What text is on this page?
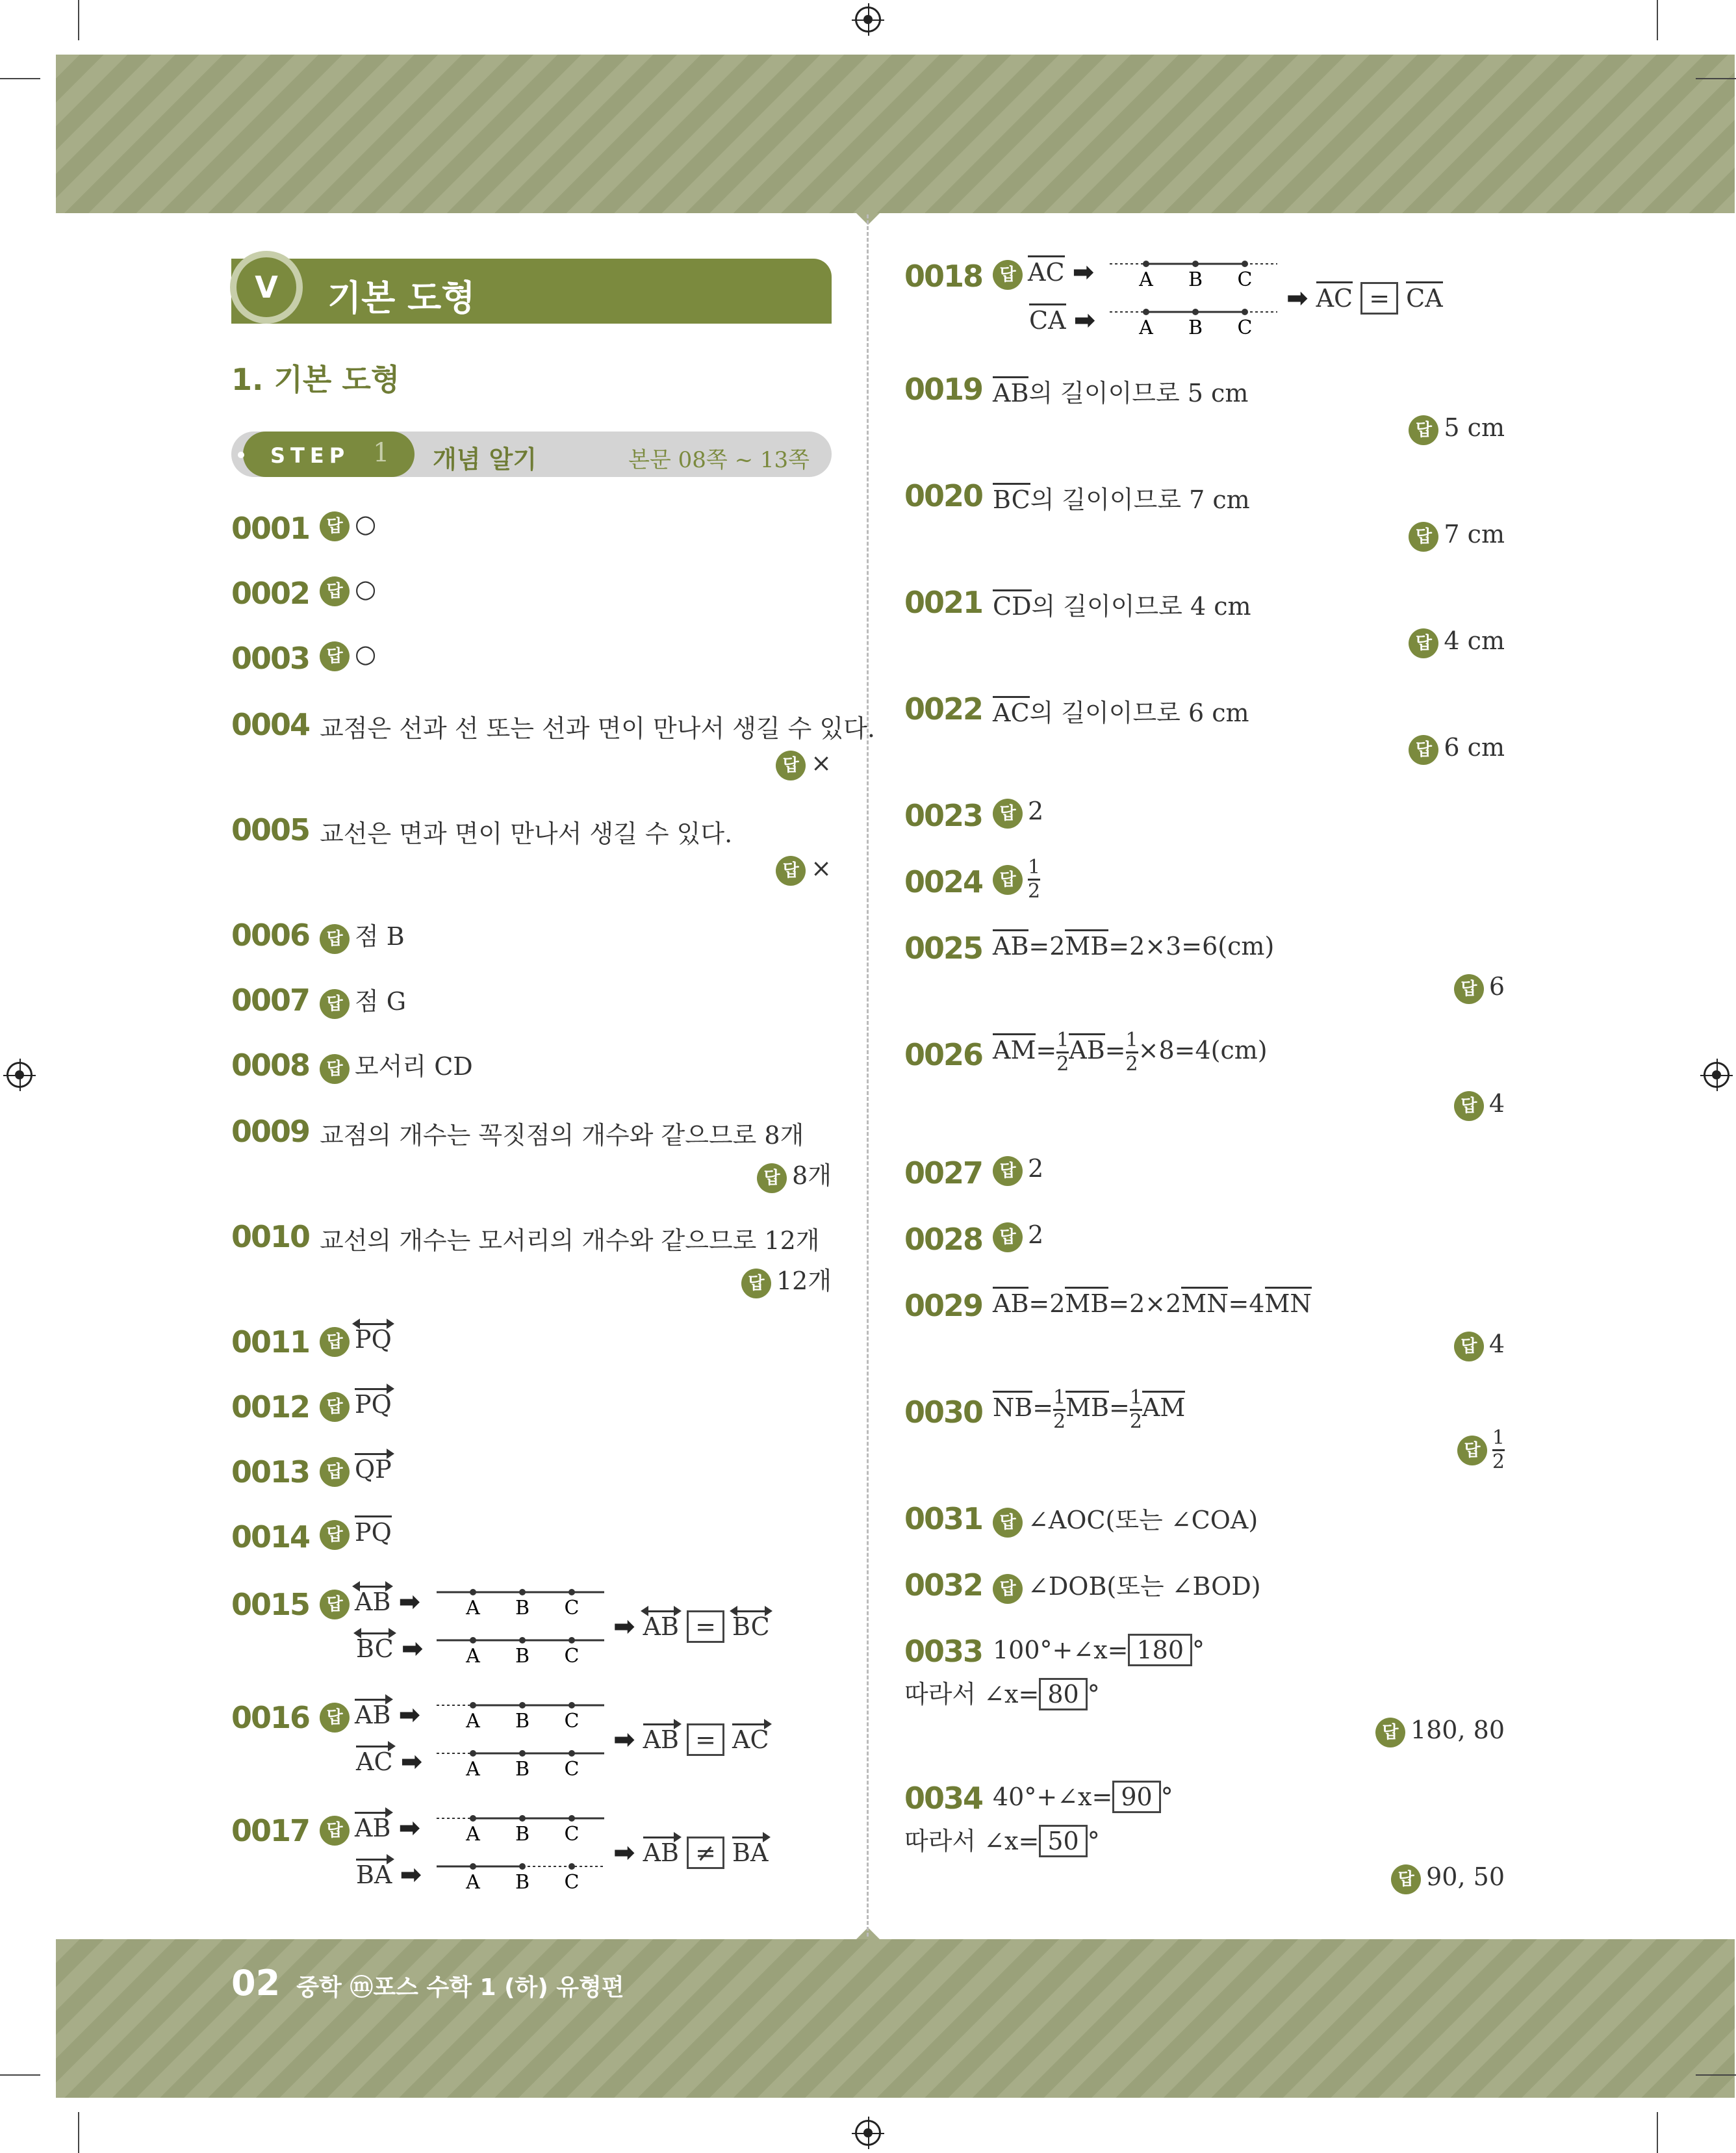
V	기본 도형
1. 기본 도형
STEP 1 개념 알기	본문 08쪽 ~ 13쪽
0001	답 ○
0002	답 ○
0003	답 ○
0004 교점은 선과 선 또는 선과 면이 만나서 생길 수 있다.
답 ×
0005 교선은 면과 면이 만나서 생길 수 있다.
답 ×
0006	답 점 B
0007	답 점 G
0008	답 모서리 CD
0009 교점의 개수는 꼭짓점의 개수와 같으므로 8개
답 8개
0010 교선의 개수는 모서리의 개수와 같으므로 12개
답 12개
0011	답 PQ
0012	답 PQ
0013	답 QP
0014	답 PQ
0015	답 AB ➡
BC ➡
A B C
A B C
➡ AB = BC
0016	답 AB ➡
AC ➡
A B C
A B C
➡ AB = AC
0017	답 AB ➡
BA ➡
A B C
A B C
➡ AB ≠ BA
0018	답 AC ➡
CA ➡
A B C
A B C
➡ AC = CA
0019 AB의 길이이므로 5 cm
답 5 cm
0020 BC의 길이이므로 7 cm
답 7 cm
0021 CD의 길이이므로 4 cm
답 4 cm
0022 AC의 길이이므로 6 cm
답 6 cm
0023	답 2
0024	답 $\frac{1}{2}$
0025 AB=2MB=2×3=6(cm)
답 6
0026 $AM= \frac{1}{2} AB= \frac{1}{2} \times 8=4(cm)$
답 4
0027	답 2
0028	답 2
0029 AB=2MB=2×2MN=4MN
답 4
0030 $NB= \frac{1}{2} MB= \frac{1}{2}$ AM
답 $\frac{1}{2}$
0031	답 ∠AOC(또는 ∠COA)
0032	답 ∠DOB(또는 ∠BOD)
0033 100°+∠x= 180 °
따라서 ∠x= 80 °
답 180, 80
0034 40°+∠x= 90 °
따라서 ∠x= 50 °
답 90, 50
02 중학 ⓜ포스 수학 1 (하) 유형편
